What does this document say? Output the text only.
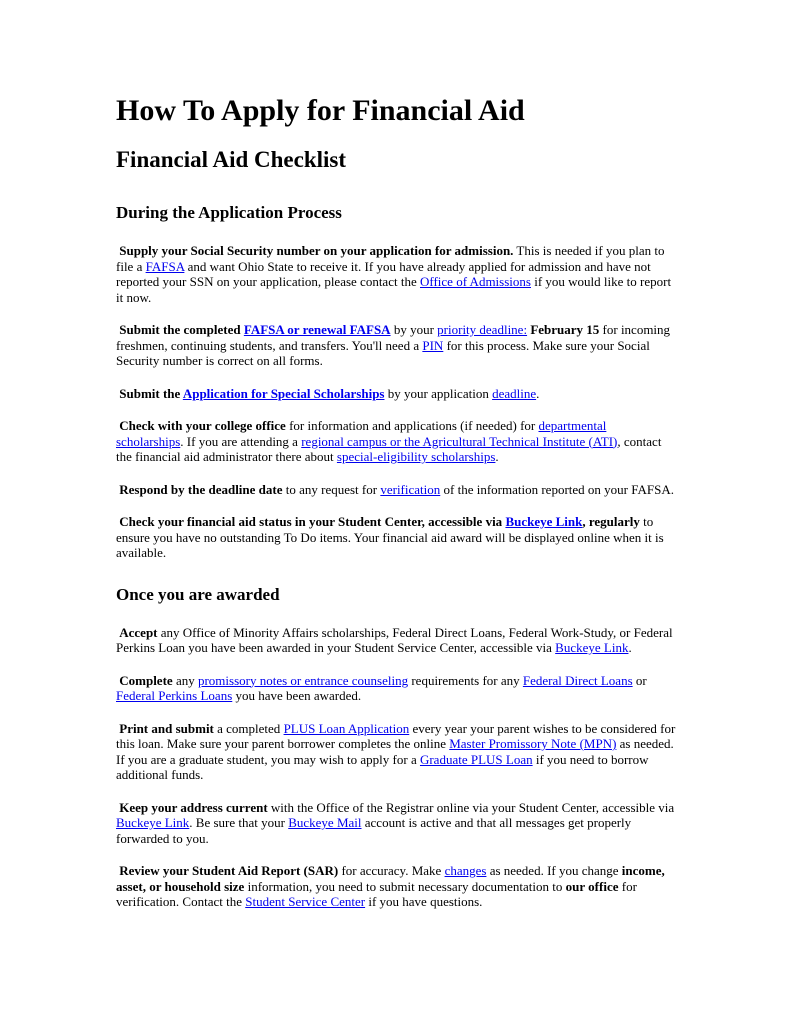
How To Apply for Financial Aid
Financial Aid Checklist
During the Application Process

Supply your Social Security number on your application for admission. This is needed if you plan to file a FAFSA and want Ohio State to receive it. If you have already applied for admission and have not reported your SSN on your application, please contact the Office of Admissions if you would like to report it now.

Submit the completed FAFSA or renewal FAFSA by your priority deadline: February 15 for incoming freshmen, continuing students, and transfers. You'll need a PIN for this process. Make sure your Social Security number is correct on all forms.

Submit the Application for Special Scholarships by your application deadline.

Check with your college office for information and applications (if needed) for departmental scholarships. If you are attending a regional campus or the Agricultural Technical Institute (ATI), contact the financial aid administrator there about special-eligibility scholarships.

Respond by the deadline date to any request for verification of the information reported on your FAFSA.

Check your financial aid status in your Student Center, accessible via Buckeye Link, regularly to ensure you have no outstanding To Do items. Your financial aid award will be displayed online when it is available.

Once you are awarded

Accept any Office of Minority Affairs scholarships, Federal Direct Loans, Federal Work-Study, or Federal Perkins Loan you have been awarded in your Student Service Center, accessible via Buckeye Link.

Complete any promissory notes or entrance counseling requirements for any Federal Direct Loans or Federal Perkins Loans you have been awarded.

Print and submit a completed PLUS Loan Application every year your parent wishes to be considered for this loan. Make sure your parent borrower completes the online Master Promissory Note (MPN) as needed. If you are a graduate student, you may wish to apply for a Graduate PLUS Loan if you need to borrow additional funds.

Keep your address current with the Office of the Registrar online via your Student Center, accessible via Buckeye Link. Be sure that your Buckeye Mail account is active and that all messages get properly forwarded to you.

Review your Student Aid Report (SAR) for accuracy. Make changes as needed. If you change income, asset, or household size information, you need to submit necessary documentation to our office for verification. Contact the Student Service Center if you have questions.
